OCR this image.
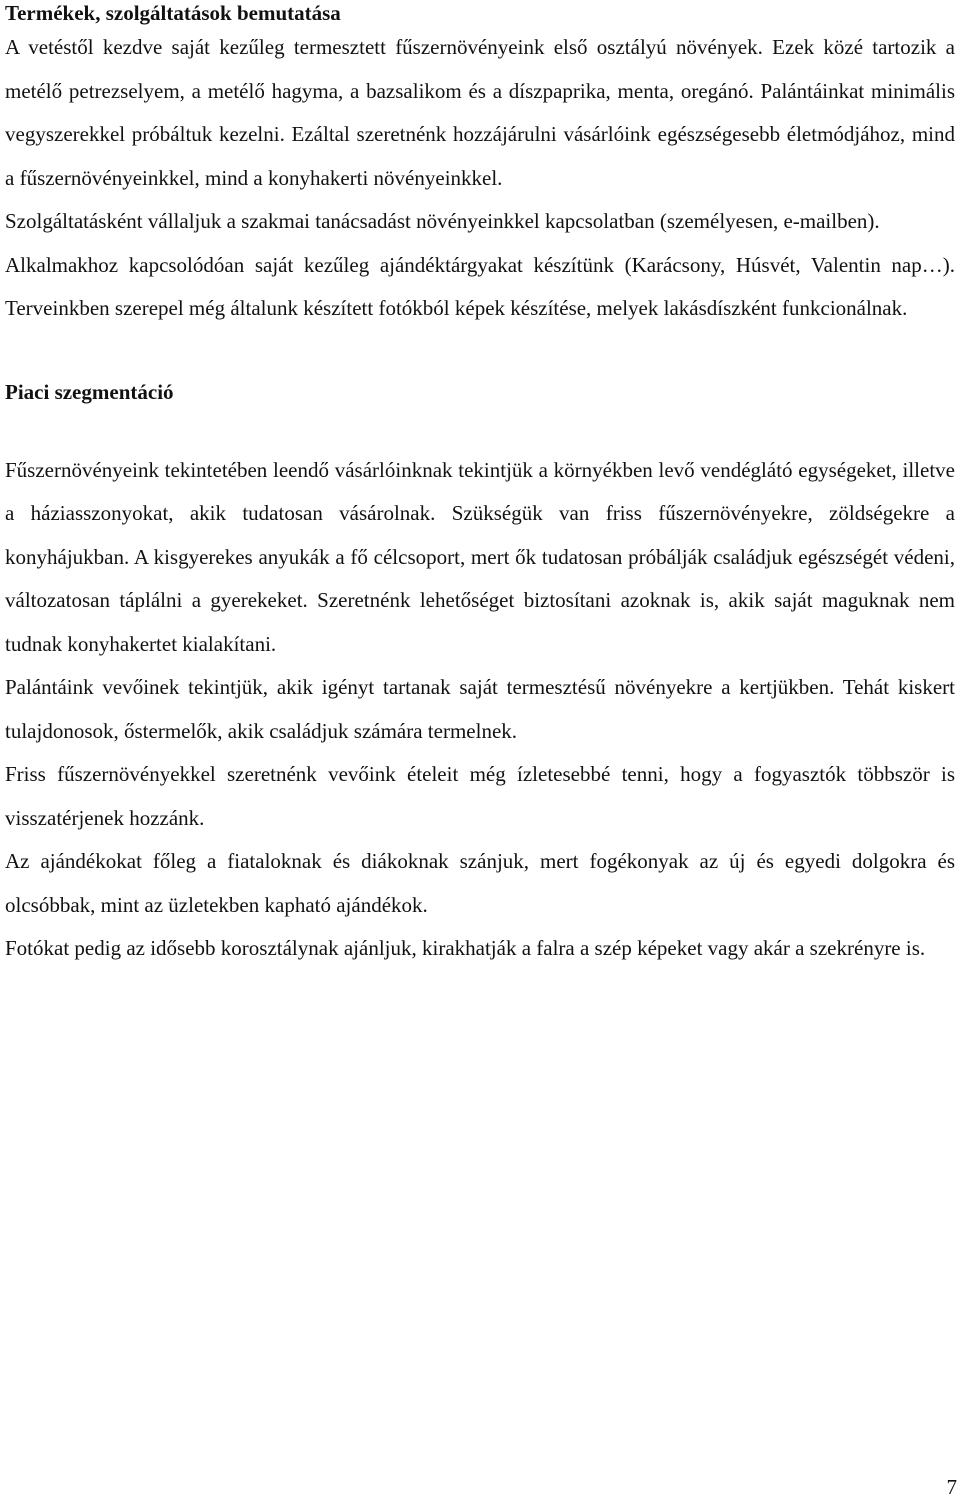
Termékek, szolgáltatások bemutatása

A vetéstől kezdve saját kezűleg termesztett fűszernövényeink első osztályú növények. Ezek közé tartozik a metélő petrezselyem, a metélő hagyma, a bazsalikom és a díszpaprika, menta, oregánó. Palántáinkat minimális vegyszerekkel próbáltuk kezelni. Ezáltal szeretnénk hozzájárulni vásárlóink egészségesebb életmódjához, mind a fűszernövényeinkkel, mind a konyhakerti növényeinkkel.

Szolgáltatásként vállaljuk a szakmai tanácsadást növényeinkkel kapcsolatban (személyesen, e-mailben).

Alkalmakhoz kapcsolódóan saját kezűleg ajándéktárgyakat készítünk (Karácsony, Húsvét, Valentin nap…). Terveinkben szerepel még általunk készített fotókból képek készítése, melyek lakásdíszként funkcionálnak.

Piaci szegmentáció

Fűszernövényeink tekintetében leendő vásárlóinknak tekintjük a környékben levő vendéglátó egységeket, illetve a háziasszonyokat, akik tudatosan vásárolnak. Szükségük van friss fűszernövényekre, zöldségekre a konyhájukban. A kisgyerekes anyukák a fő célcsoport, mert ők tudatosan próbálják családjuk egészségét védeni, változatosan táplálni a gyerekeket. Szeretnénk lehetőséget biztosítani azoknak is, akik saját maguknak nem tudnak konyhakertet kialakítani.

Palántáink vevőinek tekintjük, akik igényt tartanak saját termesztésű növényekre a kertjükben. Tehát kiskert tulajdonosok, őstermelők, akik családjuk számára termelnek.

Friss fűszernövényekkel szeretnénk vevőink ételeit még ízletesebbé tenni, hogy a fogyasztók többször is visszatérjenek hozzánk.

Az ajándékokat főleg a fiataloknak és diákoknak szánjuk, mert fogékonyak az új és egyedi dolgokra és olcsóbbak, mint az üzletekben kapható ajándékok.

Fotókat pedig az idősebb korosztálynak ajánljuk, kirakhatják a falra a szép képeket vagy akár a szekrényre is.

7
